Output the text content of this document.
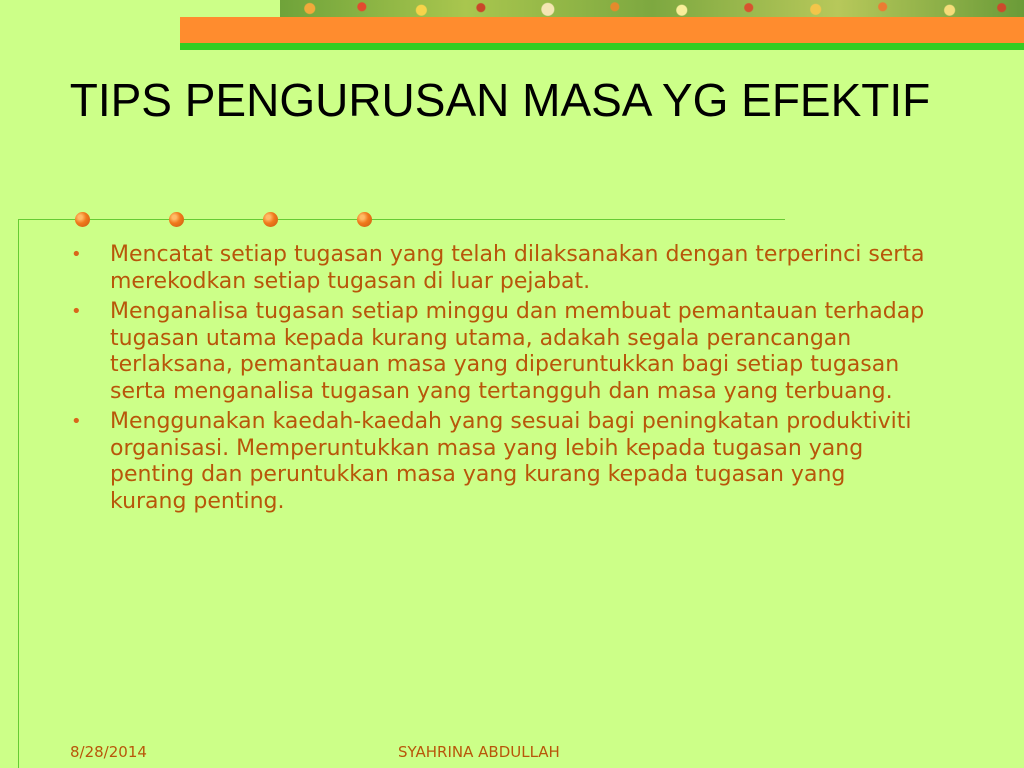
TIPS PENGURUSAN MASA YG EFEKTIF
• Mencatat setiap tugasan yang telah dilaksanakan dengan terperinci serta merekodkan setiap tugasan di luar pejabat.
• Menganalisa tugasan setiap minggu dan membuat pemantauan terhadap tugasan utama kepada kurang utama, adakah segala perancangan terlaksana, pemantauan masa yang diperuntukkan bagi setiap tugasan serta menganalisa tugasan yang tertangguh dan masa yang terbuang.
• Menggunakan kaedah-kaedah yang sesuai bagi peningkatan produktiviti organisasi. Memperuntukkan masa yang lebih kepada tugasan yang penting dan peruntukkan masa yang kurang kepada tugasan yang kurang penting.
8/28/2014	SYAHRINA ABDULLAH
